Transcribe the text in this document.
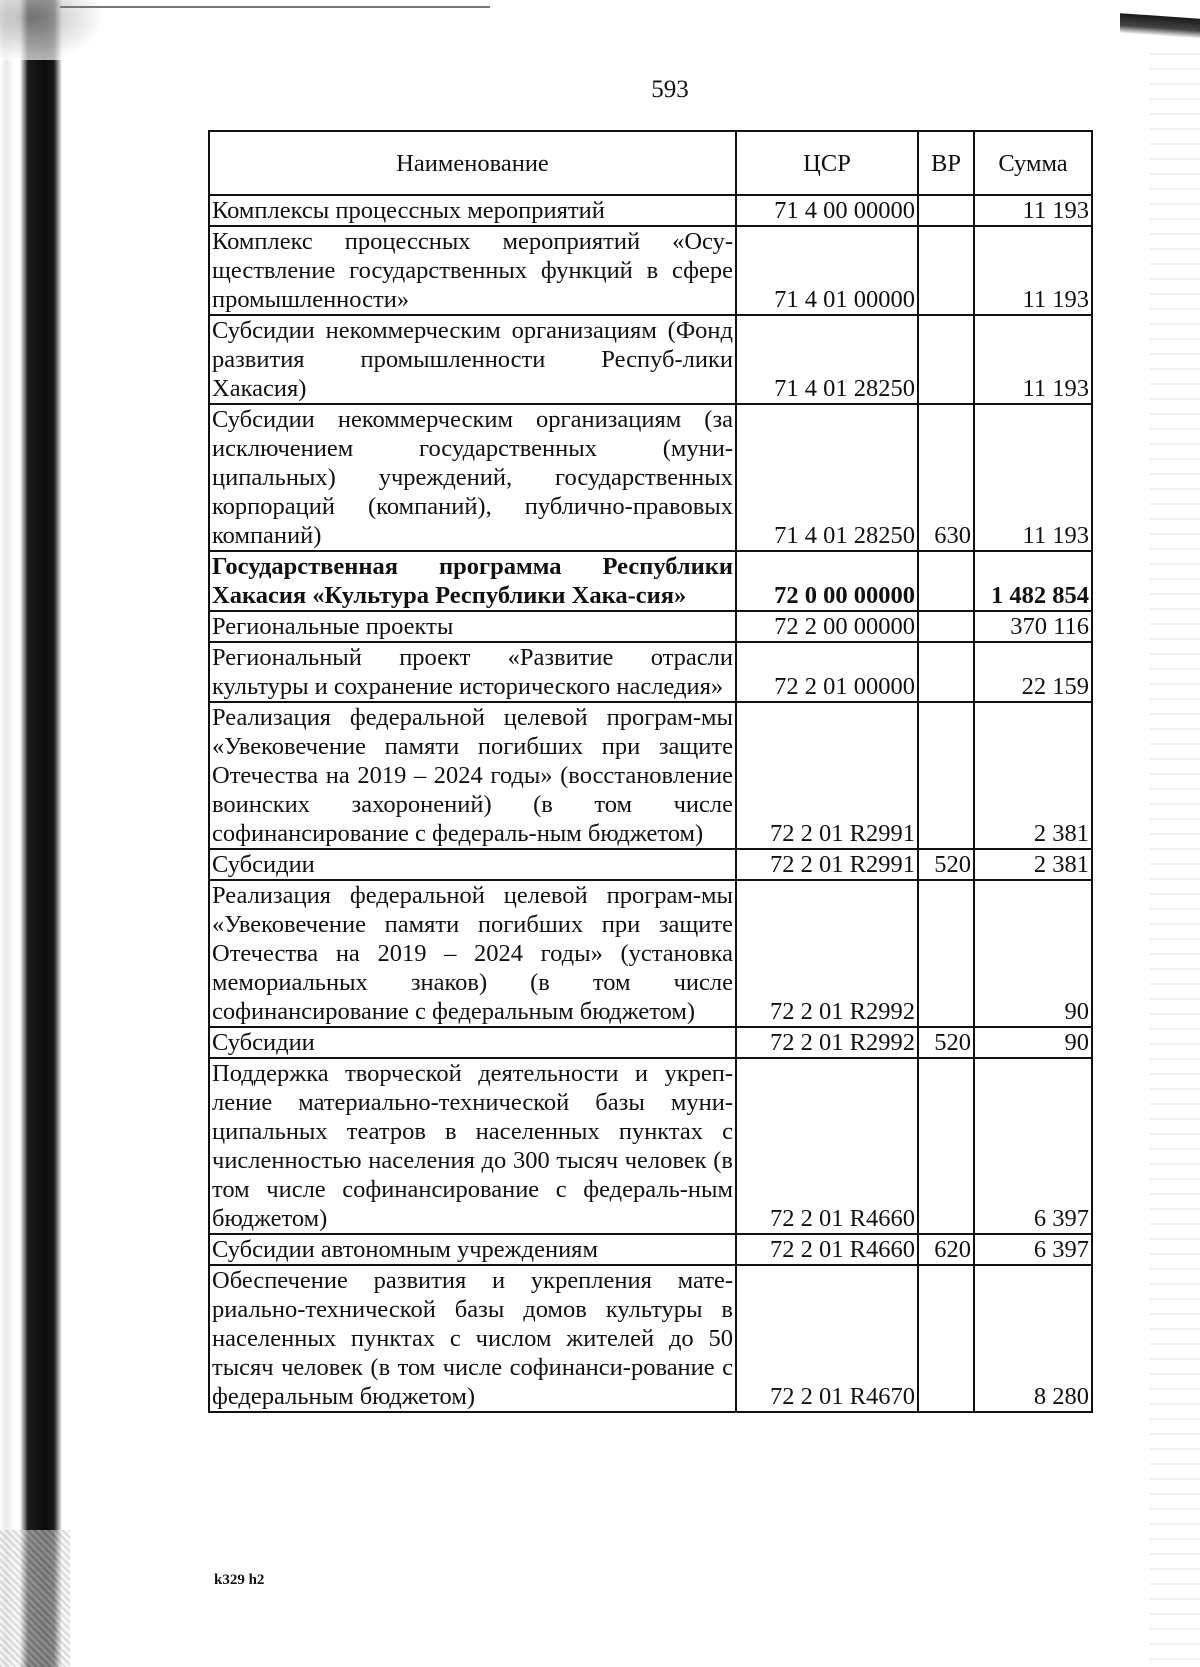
593
Наименование	ЦСР	ВР	Сумма
Комплексы процессных мероприятий	71 4 00 00000		11 193
Комплекс процессных мероприятий «Осу-ществление государственных функций в сфере промышленности»	71 4 01 00000		11 193
Субсидии некоммерческим организациям (Фонд развития промышленности Респуб-лики Хакасия)	71 4 01 28250		11 193
Субсидии некоммерческим организациям (за исключением государственных (муни-ципальных) учреждений, государственных корпораций (компаний), публично-правовых компаний)	71 4 01 28250	630	11 193
Государственная программа Республики Хакасия «Культура Республики Хака-сия»	72 0 00 00000		1 482 854
Региональные проекты	72 2 00 00000		370 116
Региональный проект «Развитие отрасли культуры и сохранение исторического наследия»	72 2 01 00000		22 159
Реализация федеральной целевой програм-мы «Увековечение памяти погибших при защите Отечества на 2019 – 2024 годы» (восстановление воинских захоронений) (в том числе софинансирование с федераль-ным бюджетом)	72 2 01 R2991		2 381
Субсидии	72 2 01 R2991	520	2 381
Реализация федеральной целевой програм-мы «Увековечение памяти погибших при защите Отечества на 2019 – 2024 годы» (установка мемориальных знаков) (в том числе софинансирование с федеральным бюджетом)	72 2 01 R2992		90
Субсидии	72 2 01 R2992	520	90
Поддержка творческой деятельности и укреп-ление материально-технической базы муни-ципальных театров в населенных пунктах с численностью населения до 300 тысяч человек (в том числе софинансирование с федераль-ным бюджетом)	72 2 01 R4660		6 397
Субсидии автономным учреждениям	72 2 01 R4660	620	6 397
Обеспечение развития и укрепления мате-риально-технической базы домов культуры в населенных пунктах с числом жителей до 50 тысяч человек (в том числе софинанси-рование с федеральным бюджетом)	72 2 01 R4670		8 280
k329 h2
